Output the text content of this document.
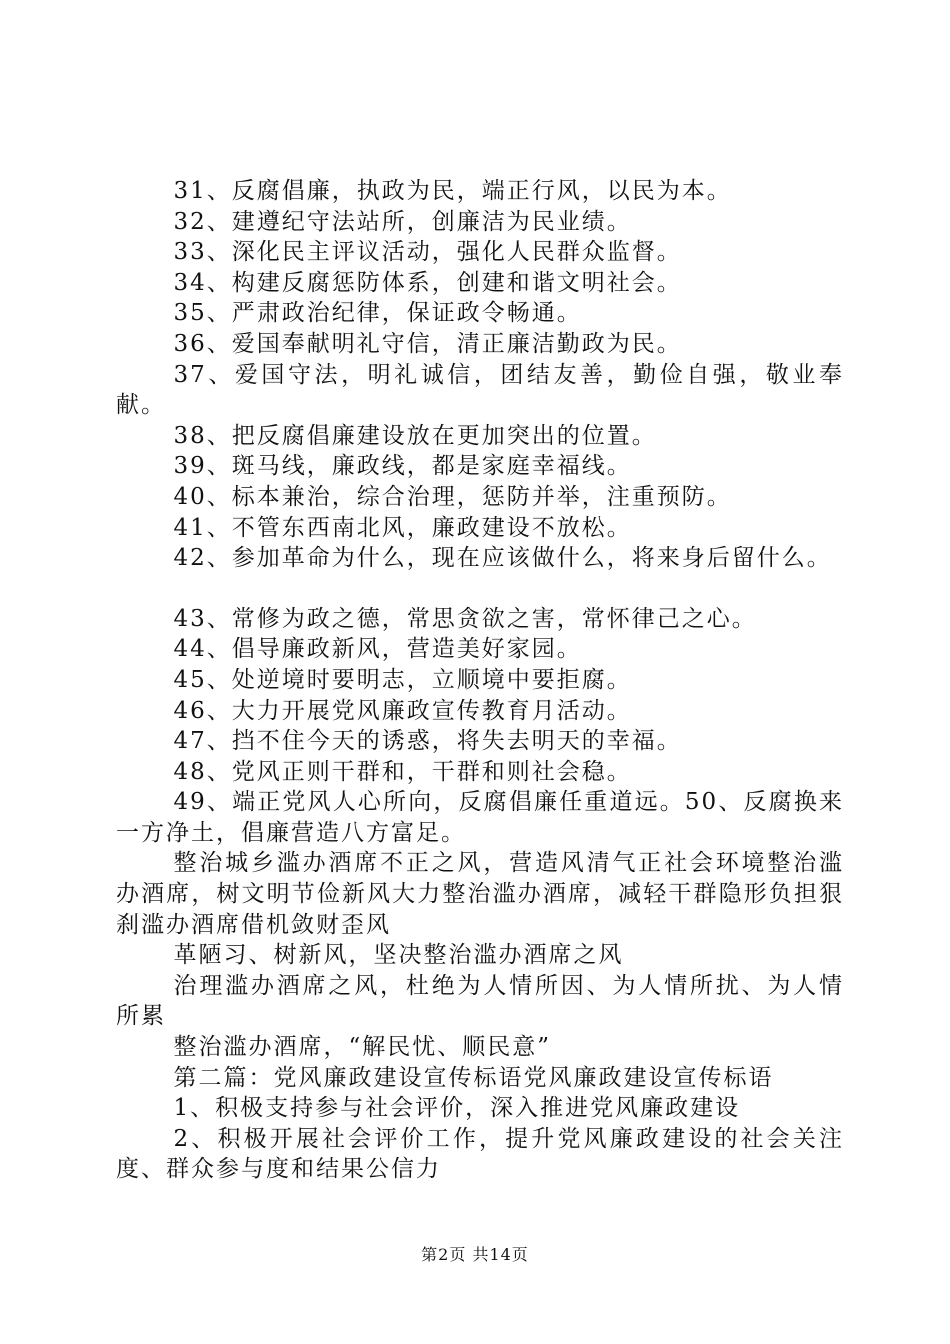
31、反腐倡廉，执政为民，端正行风，以民为本。

32、建遵纪守法站所，创廉洁为民业绩。

33、深化民主评议活动，强化人民群众监督。

34、构建反腐惩防体系，创建和谐文明社会。

35、严肃政治纪律，保证政令畅通。

36、爱国奉献明礼守信，清正廉洁勤政为民。

37、爱国守法，明礼诚信，团结友善，勤俭自强，敬业奉献。

38、把反腐倡廉建设放在更加突出的位置。

39、斑马线，廉政线，都是家庭幸福线。

40、标本兼治，综合治理，惩防并举，注重预防。

41、不管东西南北风，廉政建设不放松。

42、参加革命为什么，现在应该做什么，将来身后留什么。

43、常修为政之德，常思贪欲之害，常怀律己之心。

44、倡导廉政新风，营造美好家园。

45、处逆境时要明志，立顺境中要拒腐。

46、大力开展党风廉政宣传教育月活动。

47、挡不住今天的诱惑，将失去明天的幸福。

48、党风正则干群和，干群和则社会稳。

49、端正党风人心所向，反腐倡廉任重道远。50、反腐换来一方净土，倡廉营造八方富足。

整治城乡滥办酒席不正之风，营造风清气正社会环境整治滥办酒席，树文明节俭新风大力整治滥办酒席，减轻干群隐形负担狠刹滥办酒席借机敛财歪风

革陋习、树新风，坚决整治滥办酒席之风

治理滥办酒席之风，杜绝为人情所因、为人情所扰、为人情所累

整治滥办酒席，“解民忧、顺民意”

第二篇：党风廉政建设宣传标语党风廉政建设宣传标语

1、积极支持参与社会评价，深入推进党风廉政建设

2、积极开展社会评价工作，提升党风廉政建设的社会关注度、群众参与度和结果公信力

第2页 共14页
